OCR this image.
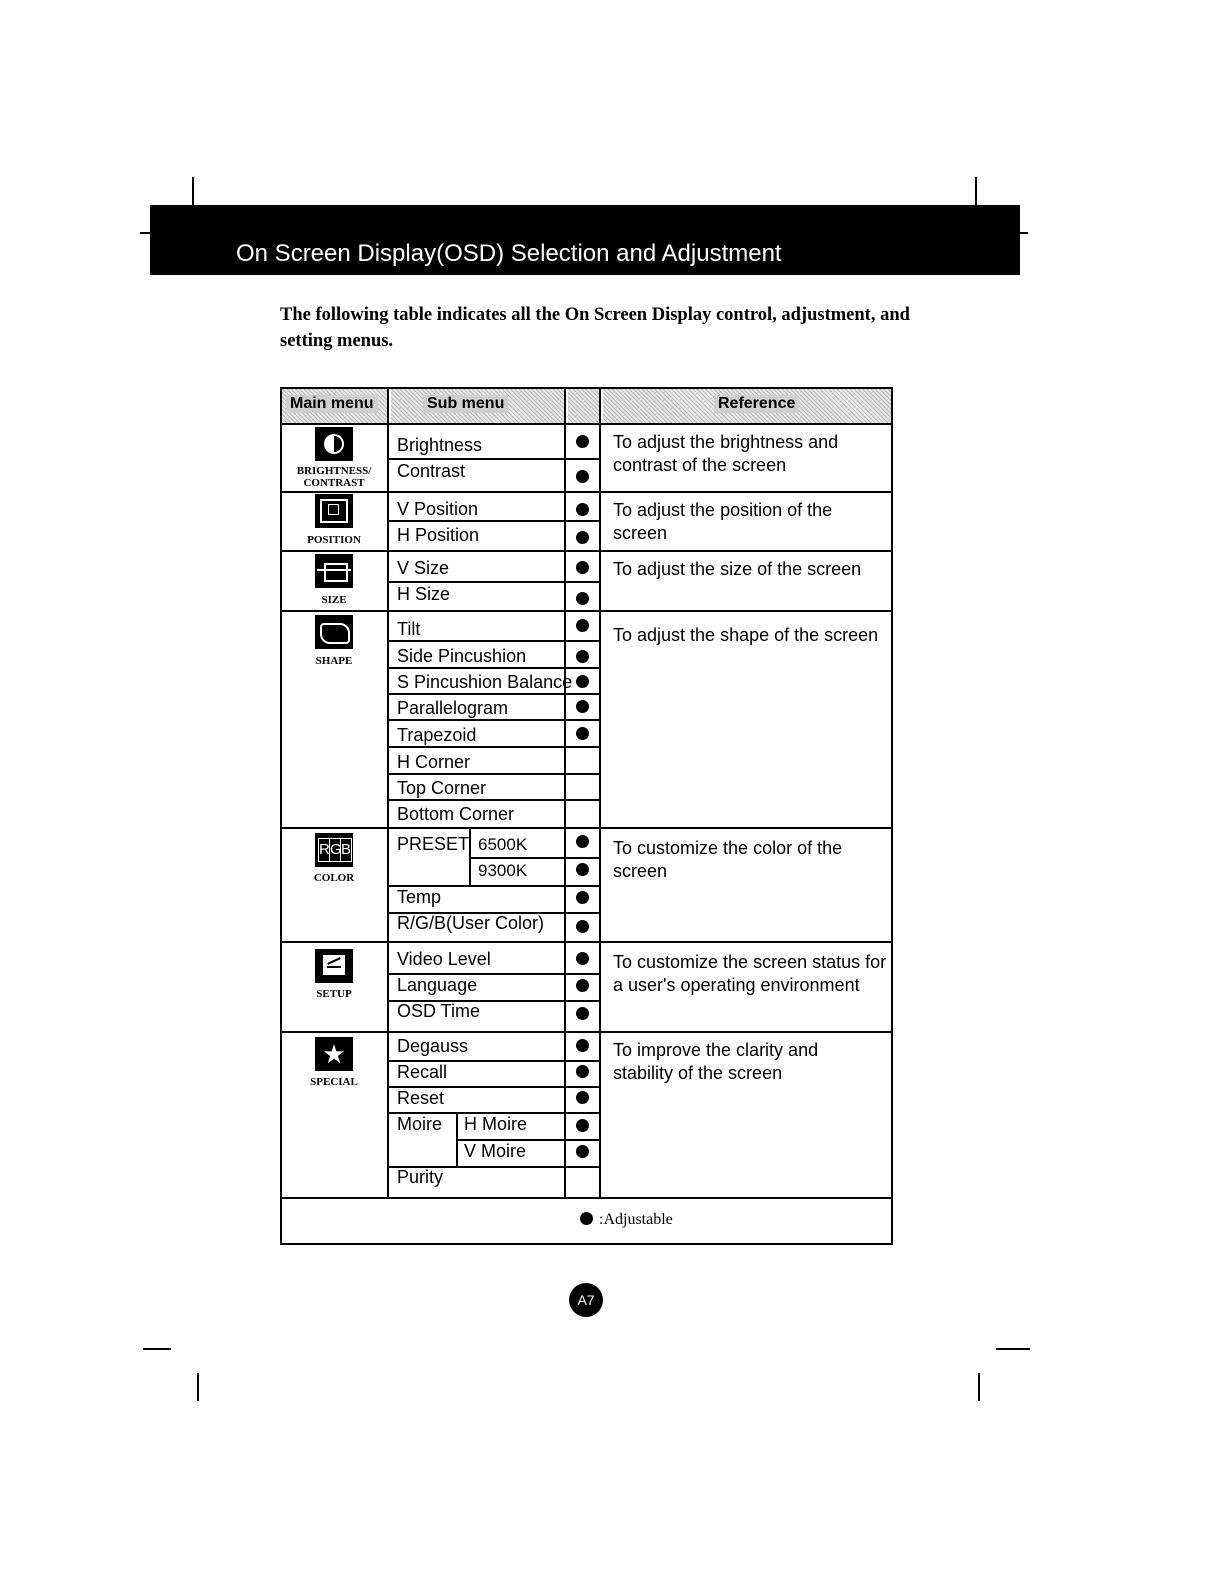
On Screen Display(OSD) Selection and Adjustment
The following table indicates all the On Screen Display control, adjustment, and setting menus.
Main menu	Sub menu	Reference
BRIGHTNESS/
CONTRAST
Brightness
Contrast
To adjust the brightness and contrast of the screen
POSITION
V Position
H Position
To adjust the position of the screen
SIZE
V Size
H Size
To adjust the size of the screen
SHAPE
Tilt
Side Pincushion
S Pincushion Balance
Parallelogram
Trapezoid
H Corner
Top Corner
Bottom Corner
To adjust the shape of the screen
R G B
COLOR
PRESET 6500K
9300K
Temp
R/G/B(User Color)
To customize the color of the screen
SETUP
Video Level
Language
OSD Time
To customize the screen status for a user's operating environment
★
SPECIAL
Degauss
Recall
Reset
Moire H Moire
V Moire
Purity
To improve the clarity and stability of the screen
:Adjustable
A7
